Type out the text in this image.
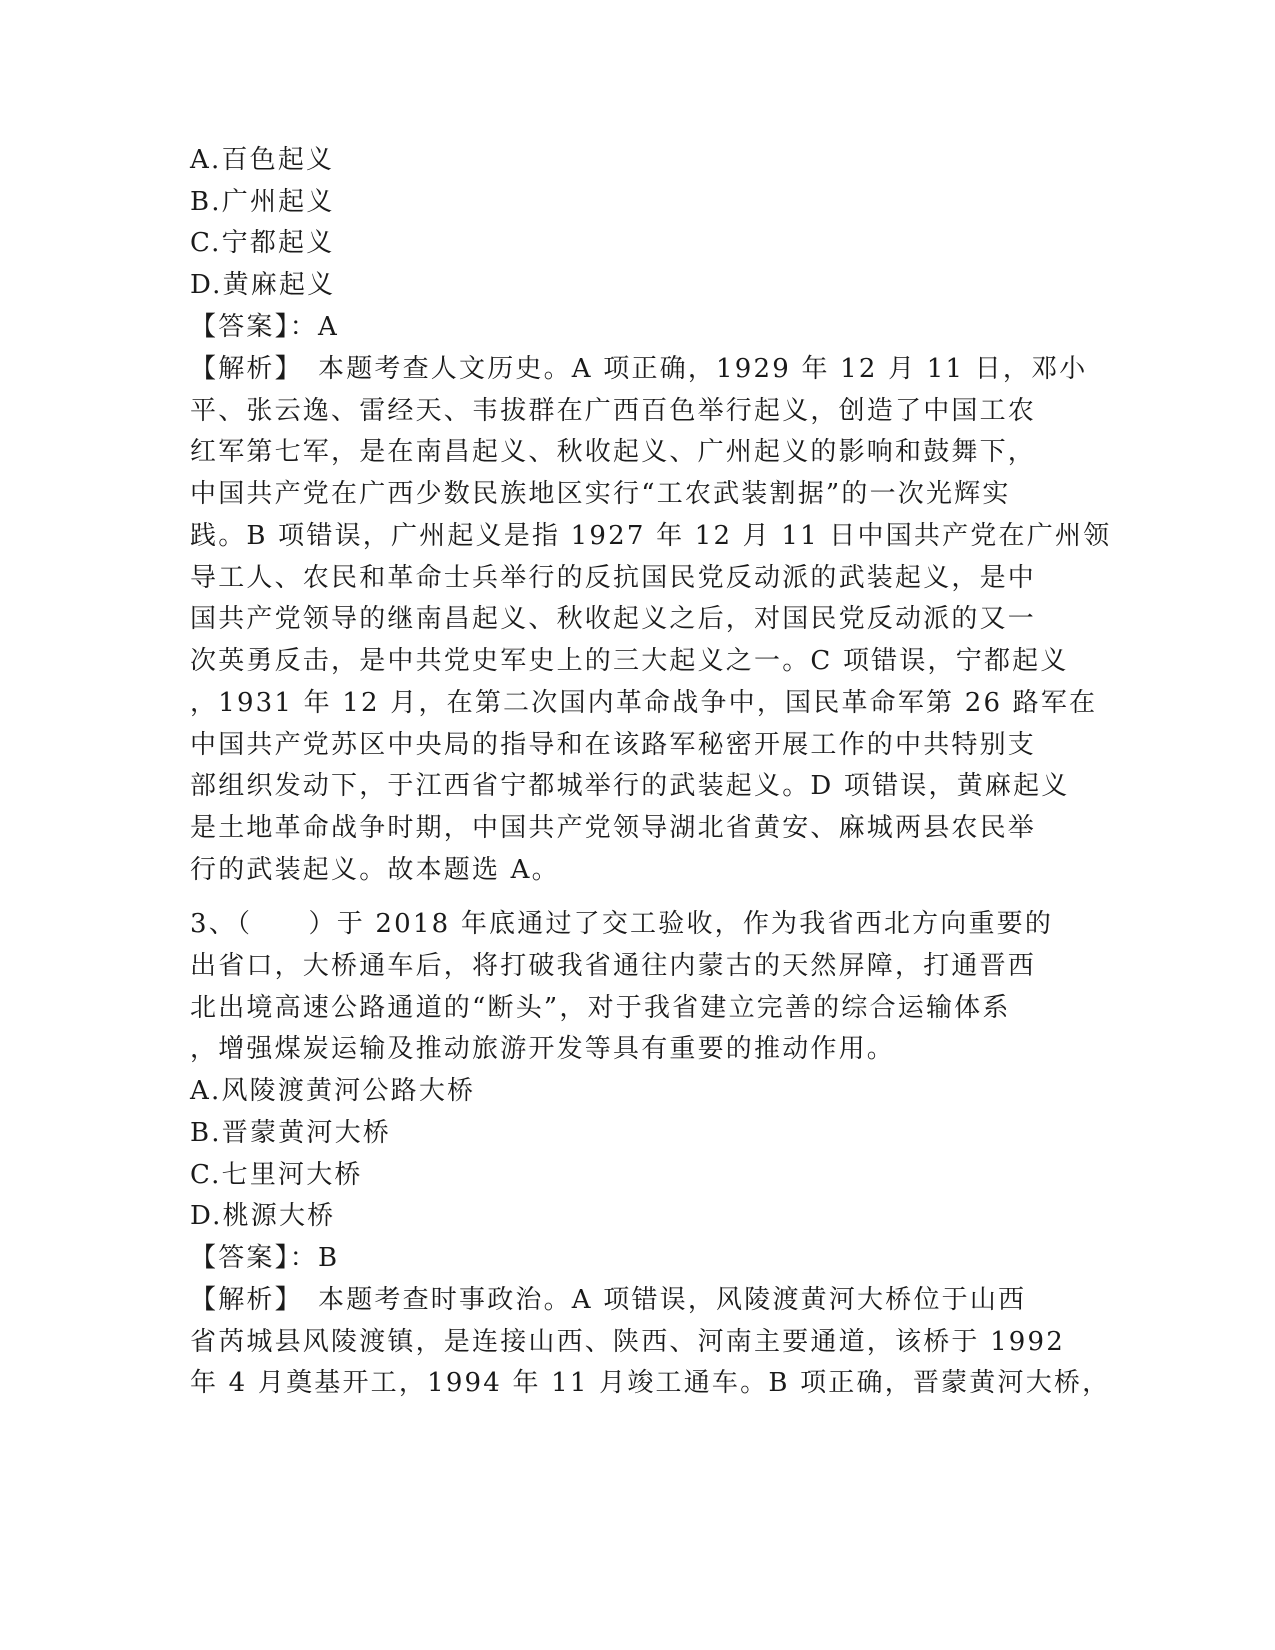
A.百色起义
B.广州起义
C.宁都起义
D.黄麻起义
【答案】：A
【解析】　本题考查人文历史。A 项正确，1929 年 12 月 11 日，邓小
平、张云逸、雷经天、韦拔群在广西百色举行起义，创造了中国工农
红军第七军，是在南昌起义、秋收起义、广州起义的影响和鼓舞下，
中国共产党在广西少数民族地区实行“工农武装割据”的一次光辉实
践。B 项错误，广州起义是指 1927 年 12 月 11 日中国共产党在广州领
导工人、农民和革命士兵举行的反抗国民党反动派的武装起义，是中
国共产党领导的继南昌起义、秋收起义之后，对国民党反动派的又一
次英勇反击，是中共党史军史上的三大起义之一。C 项错误，宁都起义
，1931 年 12 月，在第二次国内革命战争中，国民革命军第 26 路军在
中国共产党苏区中央局的指导和在该路军秘密开展工作的中共特别支
部组织发动下，于江西省宁都城举行的武装起义。D 项错误，黄麻起义
是土地革命战争时期，中国共产党领导湖北省黄安、麻城两县农民举
行的武装起义。故本题选 A。
3、（　　）于 2018 年底通过了交工验收，作为我省西北方向重要的
出省口，大桥通车后，将打破我省通往内蒙古的天然屏障，打通晋西
北出境高速公路通道的“断头”，对于我省建立完善的综合运输体系
，增强煤炭运输及推动旅游开发等具有重要的推动作用。
A.风陵渡黄河公路大桥
B.晋蒙黄河大桥
C.七里河大桥
D.桃源大桥
【答案】：B
【解析】　本题考查时事政治。A 项错误，风陵渡黄河大桥位于山西
省芮城县风陵渡镇，是连接山西、陕西、河南主要通道，该桥于 1992
年 4 月奠基开工，1994 年 11 月竣工通车。B 项正确，晋蒙黄河大桥，
